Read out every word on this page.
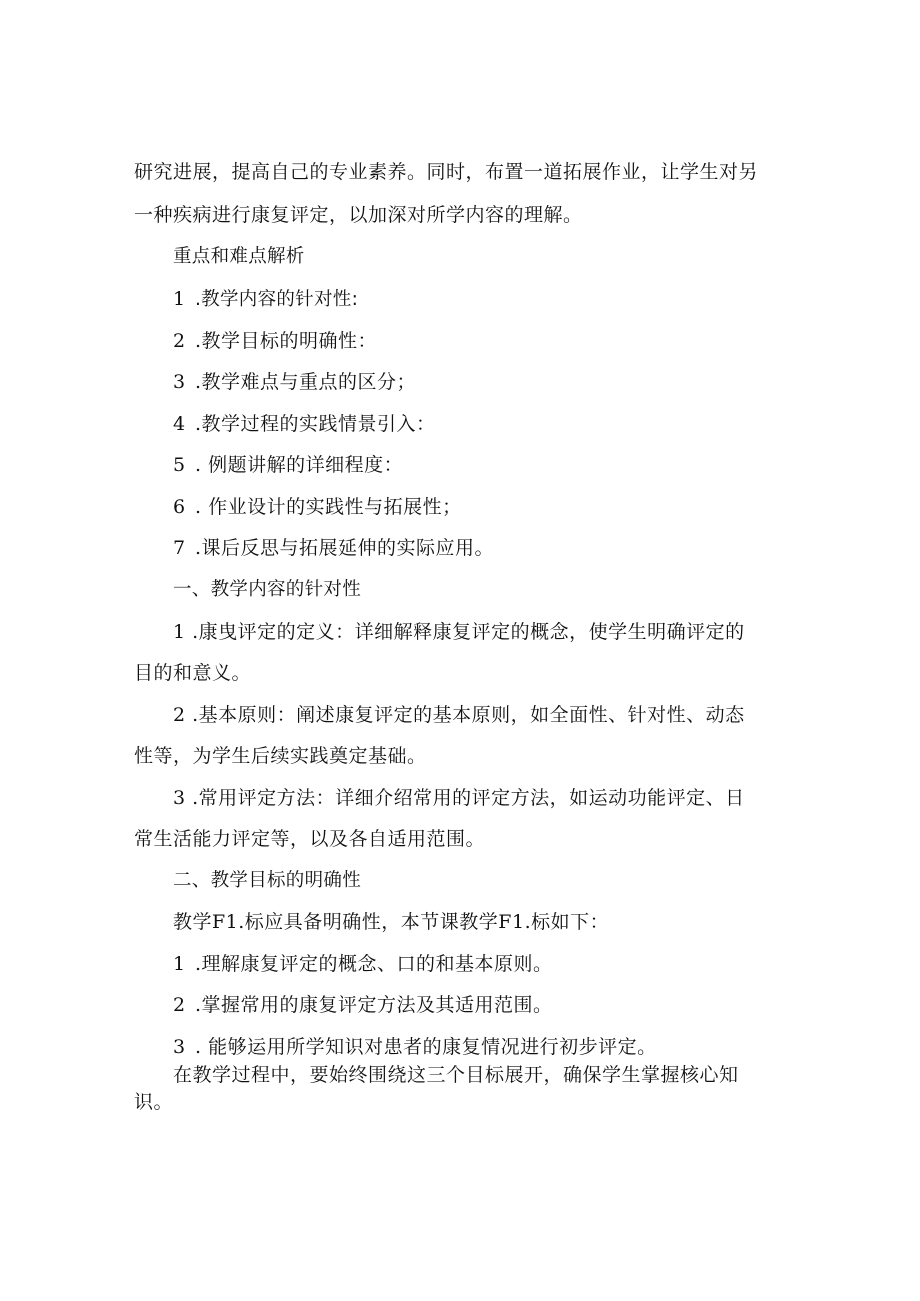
研究进展，提高自己的专业素养。同时，布置一道拓展作业，让学生对另
一种疾病进行康复评定，以加深对所学内容的理解。
重点和难点解析
1 .教学内容的针对性:
2 .教学目标的明确性：
3 .教学难点与重点的区分；
4 .教学过程的实践情景引入：
5 . 例题讲解的详细程度：
6 . 作业设计的实践性与拓展性；
7 .课后反思与拓展延伸的实际应用。
一、教学内容的针对性
1 .康曳评定的定义：详细解释康复评定的概念，使学生明确评定的
目的和意义。
2 .基本原则：阐述康复评定的基本原则，如全面性、针对性、动态
性等，为学生后续实践奠定基础。
3 .常用评定方法：详细介绍常用的评定方法，如运动功能评定、日
常生活能力评定等，以及各自适用范围。
二、教学目标的明确性
教学F1.标应具备明确性，本节课教学F1.标如下：
1 .理解康复评定的概念、口的和基本原则。
2 .掌握常用的康复评定方法及其适用范围。
3 . 能够运用所学知识对患者的康复情况进行初步评定。
在教学过程中，要始终围绕这三个目标展开，确保学生掌握核心知
识。
